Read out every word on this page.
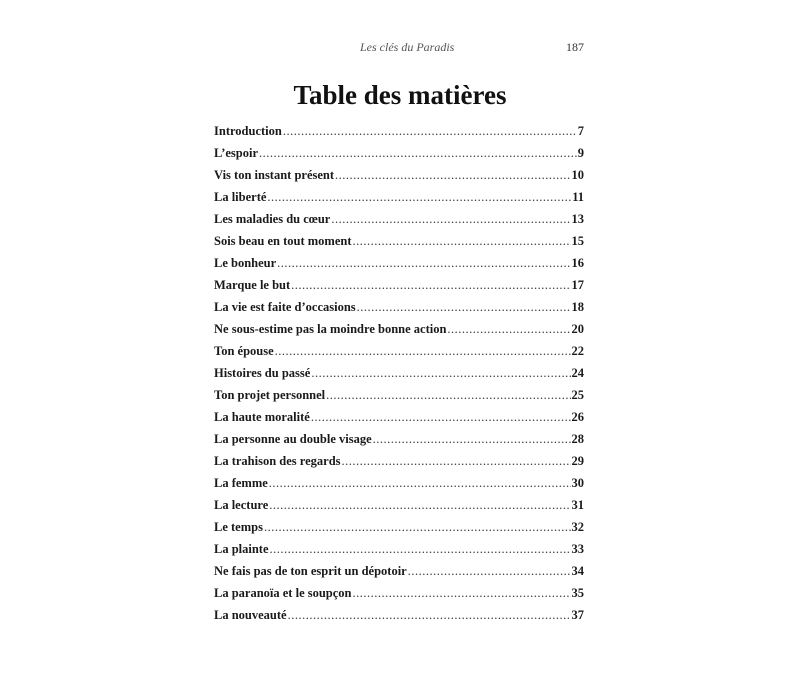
Les clés du Paradis	187
Table des matières
Introduction .....	7
L’espoir .....	9
Vis ton instant présent .....	10
La liberté .....	11
Les maladies du cœur .....	13
Sois beau en tout moment .....	15
Le bonheur .....	16
Marque le but .....	17
La vie est faite d’occasions .....	18
Ne sous-estime pas la moindre bonne action .....	20
Ton épouse .....	22
Histoires du passé .....	24
Ton projet personnel .....	25
La haute moralité .....	26
La personne au double visage .....	28
La trahison des regards .....	29
La femme .....	30
La lecture .....	31
Le temps .....	32
La plainte .....	33
Ne fais pas de ton esprit un dépotoir .....	34
La paranoïa et le soupçon .....	35
La nouveauté .....	37
